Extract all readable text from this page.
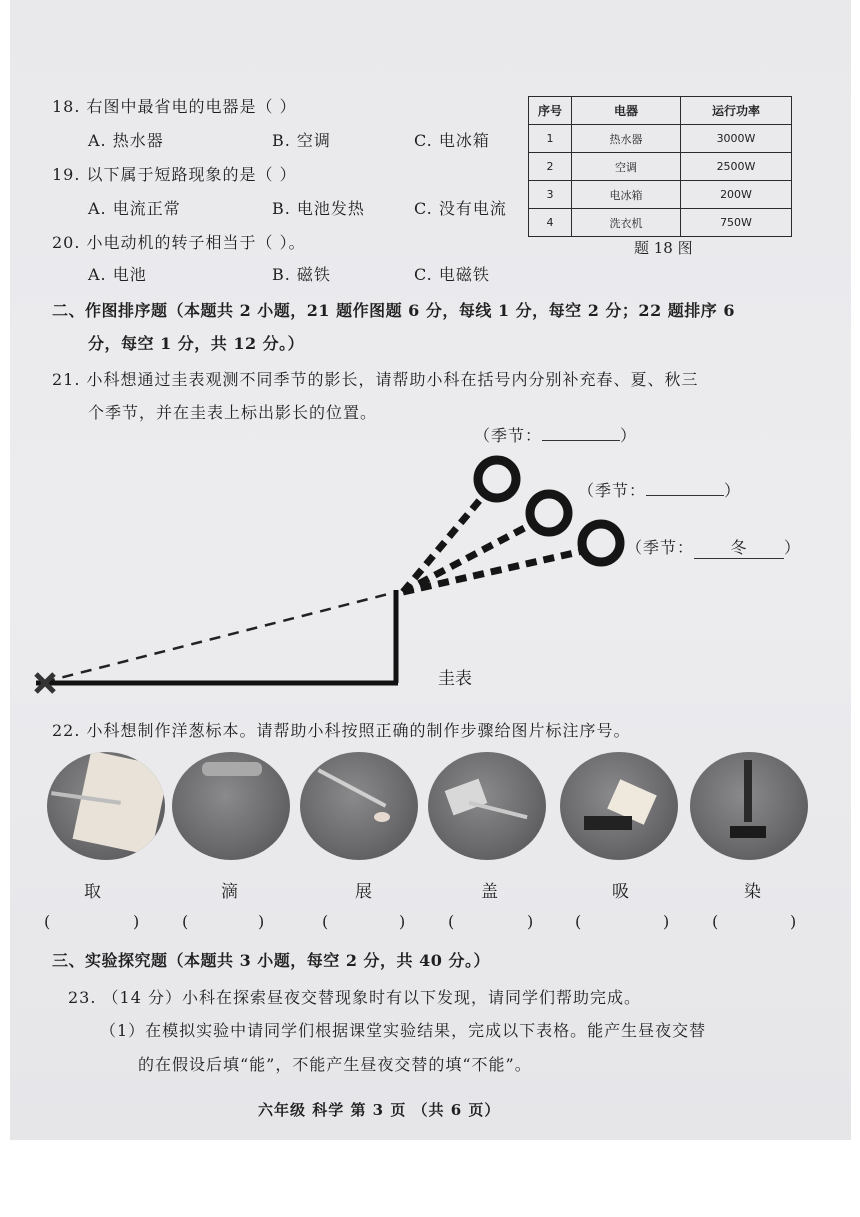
18. 右图中最省电的电器是（ ）
A. 热水器	B. 空调	C. 电冰箱
19. 以下属于短路现象的是（ ）
A. 电流正常	B. 电池发热	C. 没有电流
20. 小电动机的转子相当于（ ）。
A. 电池	B. 磁铁	C. 电磁铁
序号	电器	运行功率
1	热水器	3000W
2	空调	2500W
3	电冰箱	200W
4	洗衣机	750W
题 18 图
二、作图排序题（本题共 2 小题，21 题作图题 6 分，每线 1 分，每空 2 分；22 题排序 6
分，每空 1 分，共 12 分。）
21. 小科想通过圭表观测不同季节的影长，请帮助小科在括号内分别补充春、夏、秋三
个季节，并在圭表上标出影长的位置。
（季节：	）
（季节：	）
（季节： 冬 ）
圭表
22. 小科想制作洋葱标本。请帮助小科按照正确的制作步骤给图片标注序号。
取	滴	展	盖	吸	染
(	)	(	)	(	)	(	)	(	)	(	)
三、实验探究题（本题共 3 小题，每空 2 分，共 40 分。）
23. （14 分）小科在探索昼夜交替现象时有以下发现，请同学们帮助完成。
（1）在模拟实验中请同学们根据课堂实验结果，完成以下表格。能产生昼夜交替
的在假设后填“能”，不能产生昼夜交替的填“不能”。
六年级 科学 第 3 页 （共 6 页）
